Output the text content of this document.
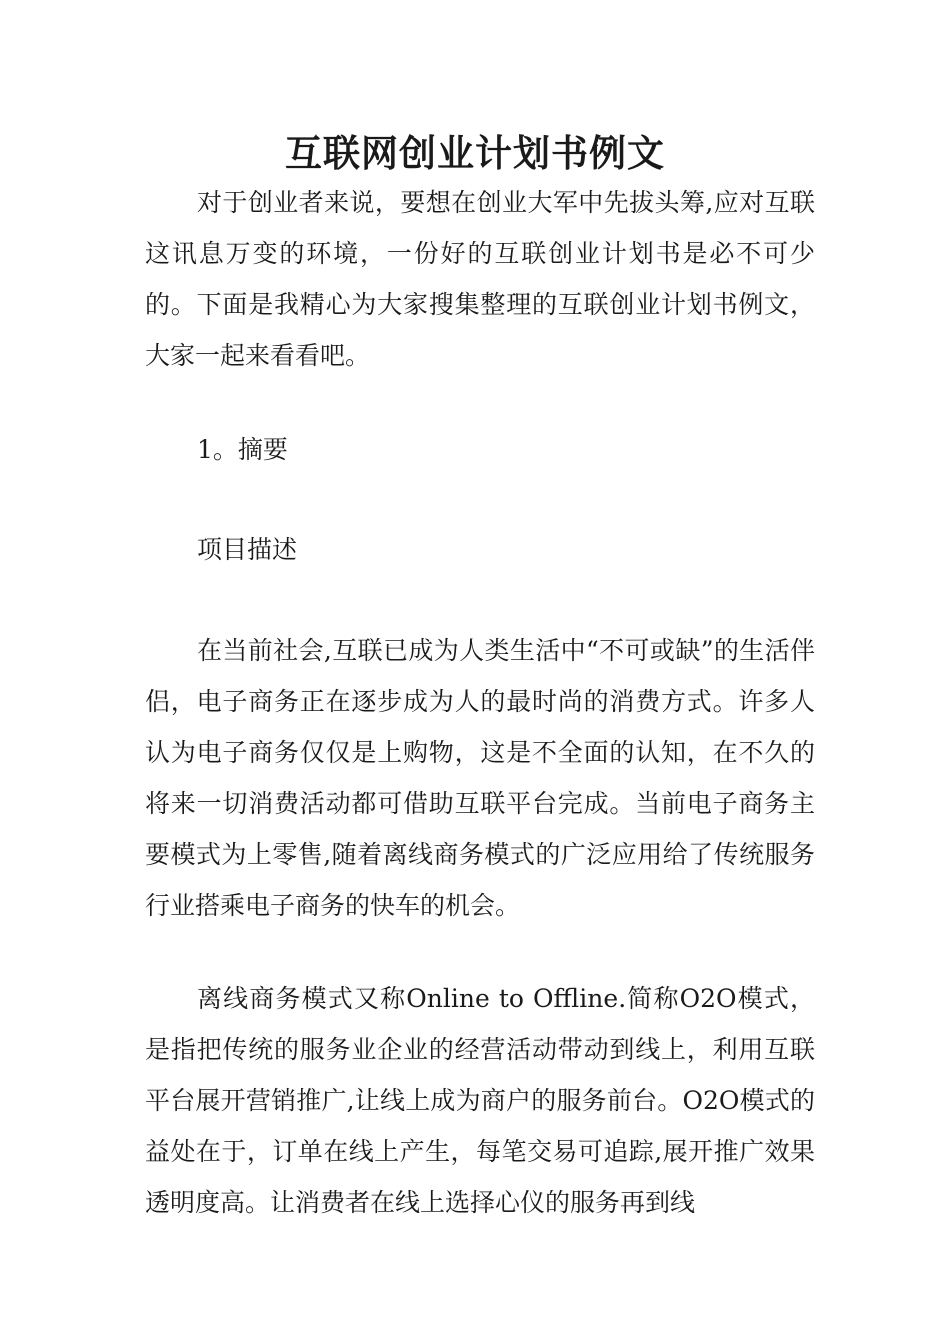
互联网创业计划书例文

对于创业者来说，要想在创业大军中先拔头筹,应对互联这讯息万变的环境，一份好的互联创业计划书是必不可少的。下面是我精心为大家搜集整理的互联创业计划书例文，大家一起来看看吧。

1。摘要

项目描述

在当前社会,互联已成为人类生活中“不可或缺”的生活伴侣，电子商务正在逐步成为人的最时尚的消费方式。许多人认为电子商务仅仅是上购物，这是不全面的认知，在不久的将来一切消费活动都可借助互联平台完成。当前电子商务主要模式为上零售,随着离线商务模式的广泛应用给了传统服务行业搭乘电子商务的快车的机会。

离线商务模式又称Online to Offline.简称O2O模式，是指把传统的服务业企业的经营活动带动到线上，利用互联平台展开营销推广,让线上成为商户的服务前台。O2O模式的益处在于，订单在线上产生，每笔交易可追踪,展开推广效果透明度高。让消费者在线上选择心仪的服务再到线
